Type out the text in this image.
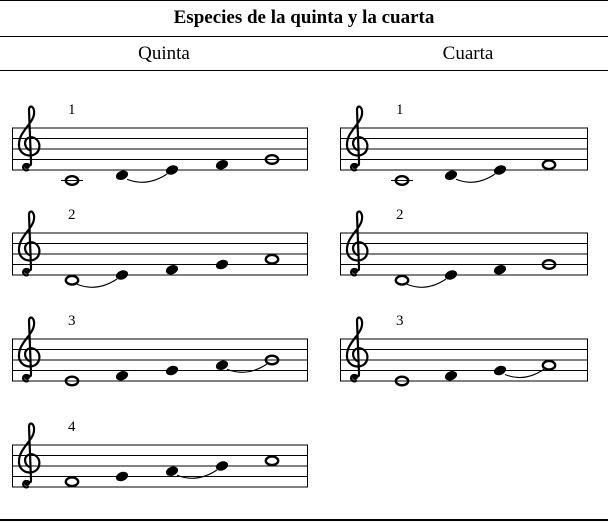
Especies de la quinta y la cuarta
Quinta	Cuarta
1
2
3
4
1
2
3
